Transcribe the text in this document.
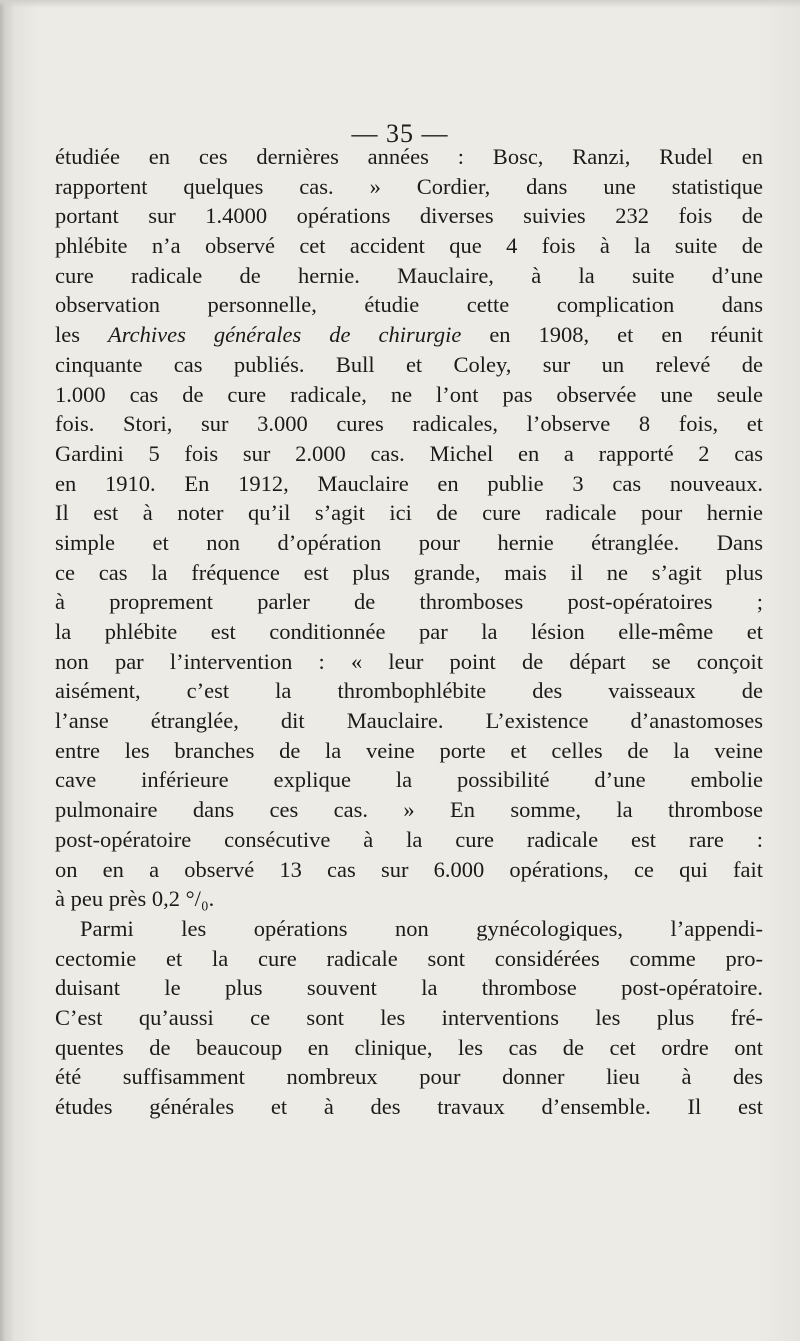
— 35 —
étudiée en ces dernières années : Bosc, Ranzi, Rudel en
rapportent quelques cas. » Cordier, dans une statistique
portant sur 1.4000 opérations diverses suivies 232 fois de
phlébite n’a observé cet accident que 4 fois à la suite de
cure radicale de hernie. Mauclaire, à la suite d’une
observation personnelle, étudie cette complication dans
les Archives générales de chirurgie en 1908, et en réunit
cinquante cas publiés. Bull et Coley, sur un relevé de
1.000 cas de cure radicale, ne l’ont pas observée une seule
fois. Stori, sur 3.000 cures radicales, l’observe 8 fois, et
Gardini 5 fois sur 2.000 cas. Michel en a rapporté 2 cas
en 1910. En 1912, Mauclaire en publie 3 cas nouveaux.
Il est à noter qu’il s’agit ici de cure radicale pour hernie
simple et non d’opération pour hernie étranglée. Dans
ce cas la fréquence est plus grande, mais il ne s’agit plus
à proprement parler de thromboses post-opératoires ;
la phlébite est conditionnée par la lésion elle-même et
non par l’intervention : « leur point de départ se conçoit
aisément, c’est la thrombophlébite des vaisseaux de
l’anse étranglée, dit Mauclaire. L’existence d’anastomoses
entre les branches de la veine porte et celles de la veine
cave inférieure explique la possibilité d’une embolie
pulmonaire dans ces cas. » En somme, la thrombose
post-opératoire consécutive à la cure radicale est rare :
on en a observé 13 cas sur 6.000 opérations, ce qui fait
à peu près 0,2 °/₀.
Parmi les opérations non gynécologiques, l’appendi-
cectomie et la cure radicale sont considérées comme pro-
duisant le plus souvent la thrombose post-opératoire.
C’est qu’aussi ce sont les interventions les plus fré-
quentes de beaucoup en clinique, les cas de cet ordre ont
été suffisamment nombreux pour donner lieu à des
études générales et à des travaux d’ensemble. Il est
